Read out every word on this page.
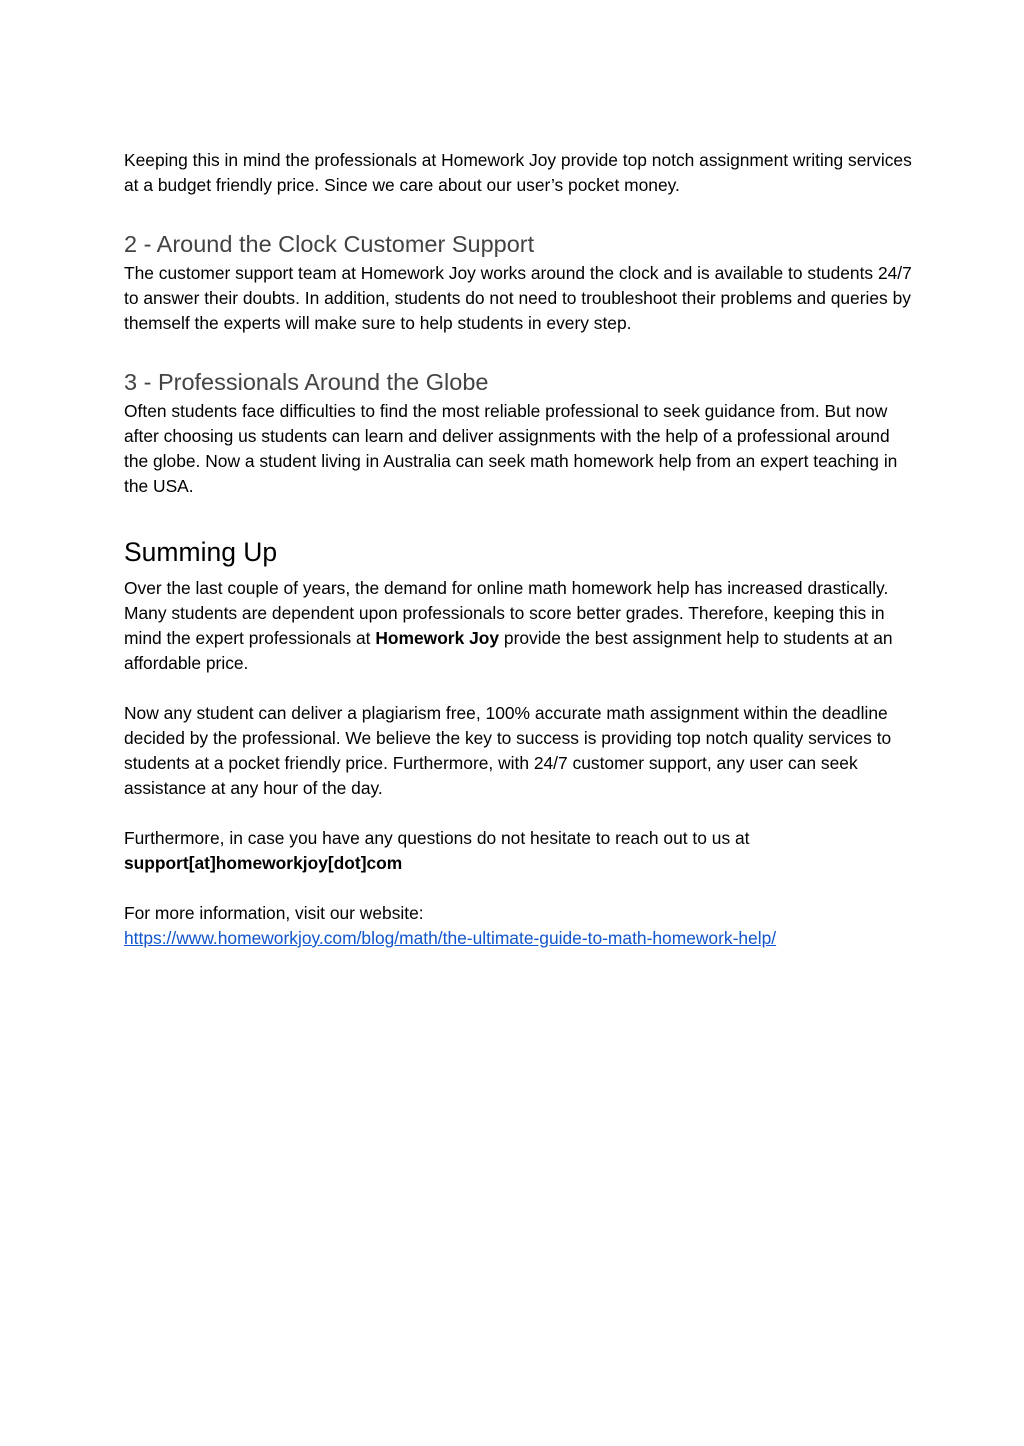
Keeping this in mind the professionals at Homework Joy provide top notch assignment writing services at a budget friendly price. Since we care about our user’s pocket money.

2 - Around the Clock Customer Support

The customer support team at Homework Joy works around the clock and is available to students 24/7 to answer their doubts. In addition, students do not need to troubleshoot their problems and queries by themself the experts will make sure to help students in every step.

3 - Professionals Around the Globe

Often students face difficulties to find the most reliable professional to seek guidance from. But now after choosing us students can learn and deliver assignments with the help of a professional around the globe. Now a student living in Australia can seek math homework help from an expert teaching in the USA.

Summing Up

Over the last couple of years, the demand for online math homework help has increased drastically. Many students are dependent upon professionals to score better grades. Therefore, keeping this in mind the expert professionals at Homework Joy provide the best assignment help to students at an affordable price.

Now any student can deliver a plagiarism free, 100% accurate math assignment within the deadline decided by the professional. We believe the key to success is providing top notch quality services to students at a pocket friendly price. Furthermore, with 24/7 customer support, any user can seek assistance at any hour of the day.

Furthermore, in case you have any questions do not hesitate to reach out to us at
support[at]homeworkjoy[dot]com

For more information, visit our website:
https://www.homeworkjoy.com/blog/math/the-ultimate-guide-to-math-homework-help/
